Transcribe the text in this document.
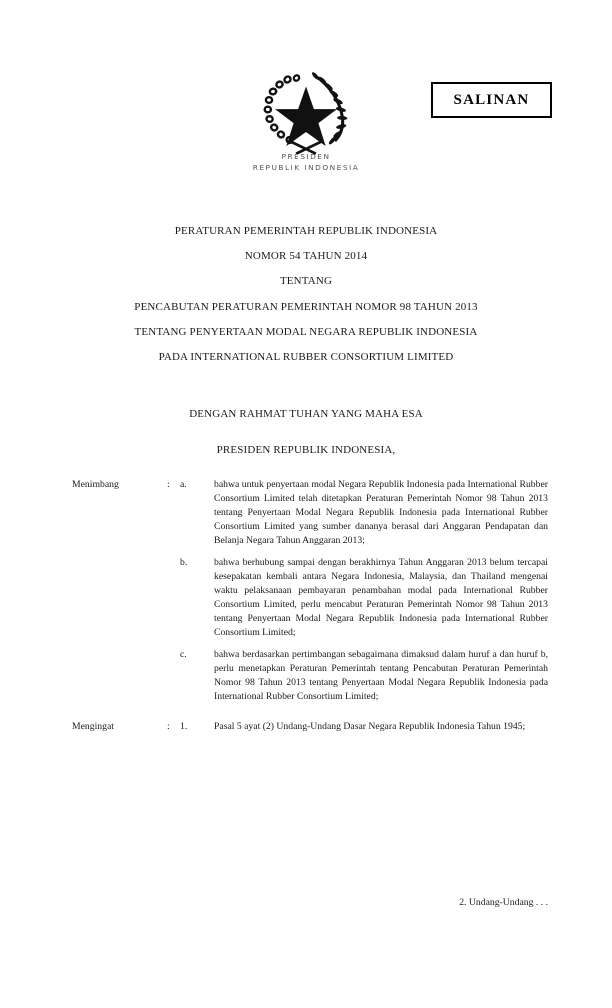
SALINAN
PRESIDEN
REPUBLIK INDONESIA
PERATURAN PEMERINTAH REPUBLIK INDONESIA
NOMOR 54 TAHUN 2014
TENTANG
PENCABUTAN PERATURAN PEMERINTAH NOMOR 98 TAHUN 2013
TENTANG PENYERTAAN MODAL NEGARA REPUBLIK INDONESIA
PADA INTERNATIONAL RUBBER CONSORTIUM LIMITED
DENGAN RAHMAT TUHAN YANG MAHA ESA
PRESIDEN REPUBLIK INDONESIA,
Menimbang	:	a.	bahwa untuk penyertaan modal Negara Republik Indonesia pada International Rubber Consortium Limited telah ditetapkan Peraturan Pemerintah Nomor 98 Tahun 2013 tentang Penyertaan Modal Negara Republik Indonesia pada International Rubber Consortium Limited yang sumber dananya berasal dari Anggaran Pendapatan dan Belanja Negara Tahun Anggaran 2013;
b.	bahwa berhubung sampai dengan berakhirnya Tahun Anggaran 2013 belum tercapai kesepakatan kembali antara Negara Indonesia, Malaysia, dan Thailand mengenai waktu pelaksanaan pembayaran penambahan modal pada International Rubber Consortium Limited, perlu mencabut Peraturan Pemerintah Nomor 98 Tahun 2013 tentang Penyertaan Modal Negara Republik Indonesia pada International Rubber Consortium Limited;
c.	bahwa berdasarkan pertimbangan sebagaimana dimaksud dalam huruf a dan huruf b, perlu menetapkan Peraturan Pemerintah tentang Pencabutan Peraturan Pemerintah Nomor 98 Tahun 2013 tentang Penyertaan Modal Negara Republik Indonesia pada International Rubber Consortium Limited;
Mengingat	:	1.	Pasal 5 ayat (2) Undang-Undang Dasar Negara Republik Indonesia Tahun 1945;
2. Undang-Undang . . .
